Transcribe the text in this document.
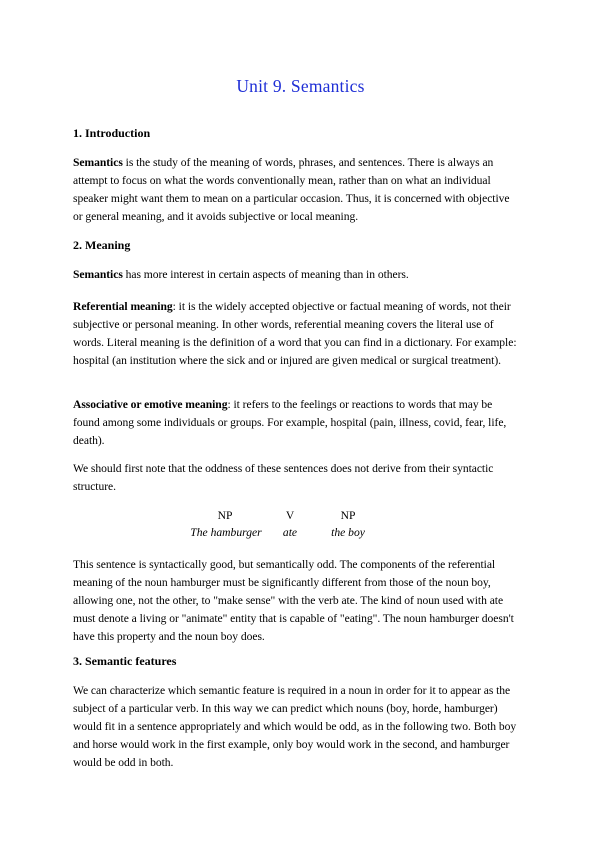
Unit 9. Semantics
1. Introduction
Semantics is the study of the meaning of words, phrases, and sentences. There is always an attempt to focus on what the words conventionally mean, rather than on what an individual speaker might want them to mean on a particular occasion. Thus, it is concerned with objective or general meaning, and it avoids subjective or local meaning.
2. Meaning
Semantics has more interest in certain aspects of meaning than in others.
Referential meaning: it is the widely accepted objective or factual meaning of words, not their subjective or personal meaning. In other words, referential meaning covers the literal use of words. Literal meaning is the definition of a word that you can find in a dictionary. For example: hospital (an institution where the sick and or injured are given medical or surgical treatment).
Associative or emotive meaning: it refers to the feelings or reactions to words that may be found among some individuals or groups. For example, hospital (pain, illness, covid, fear, life, death).
We should first note that the oddness of these sentences does not derive from their syntactic structure.
NP	V	NP
The hamburger	ate	the boy
This sentence is syntactically good, but semantically odd. The components of the referential meaning of the noun hamburger must be significantly different from those of the noun boy, allowing one, not the other, to "make sense" with the verb ate. The kind of noun used with ate must denote a living or "animate" entity that is capable of "eating". The noun hamburger doesn't have this property and the noun boy does.
3. Semantic features
We can characterize which semantic feature is required in a noun in order for it to appear as the subject of a particular verb. In this way we can predict which nouns (boy, horde, hamburger) would fit in a sentence appropriately and which would be odd, as in the following two. Both boy and horse would work in the first example, only boy would work in the second, and hamburger would be odd in both.
